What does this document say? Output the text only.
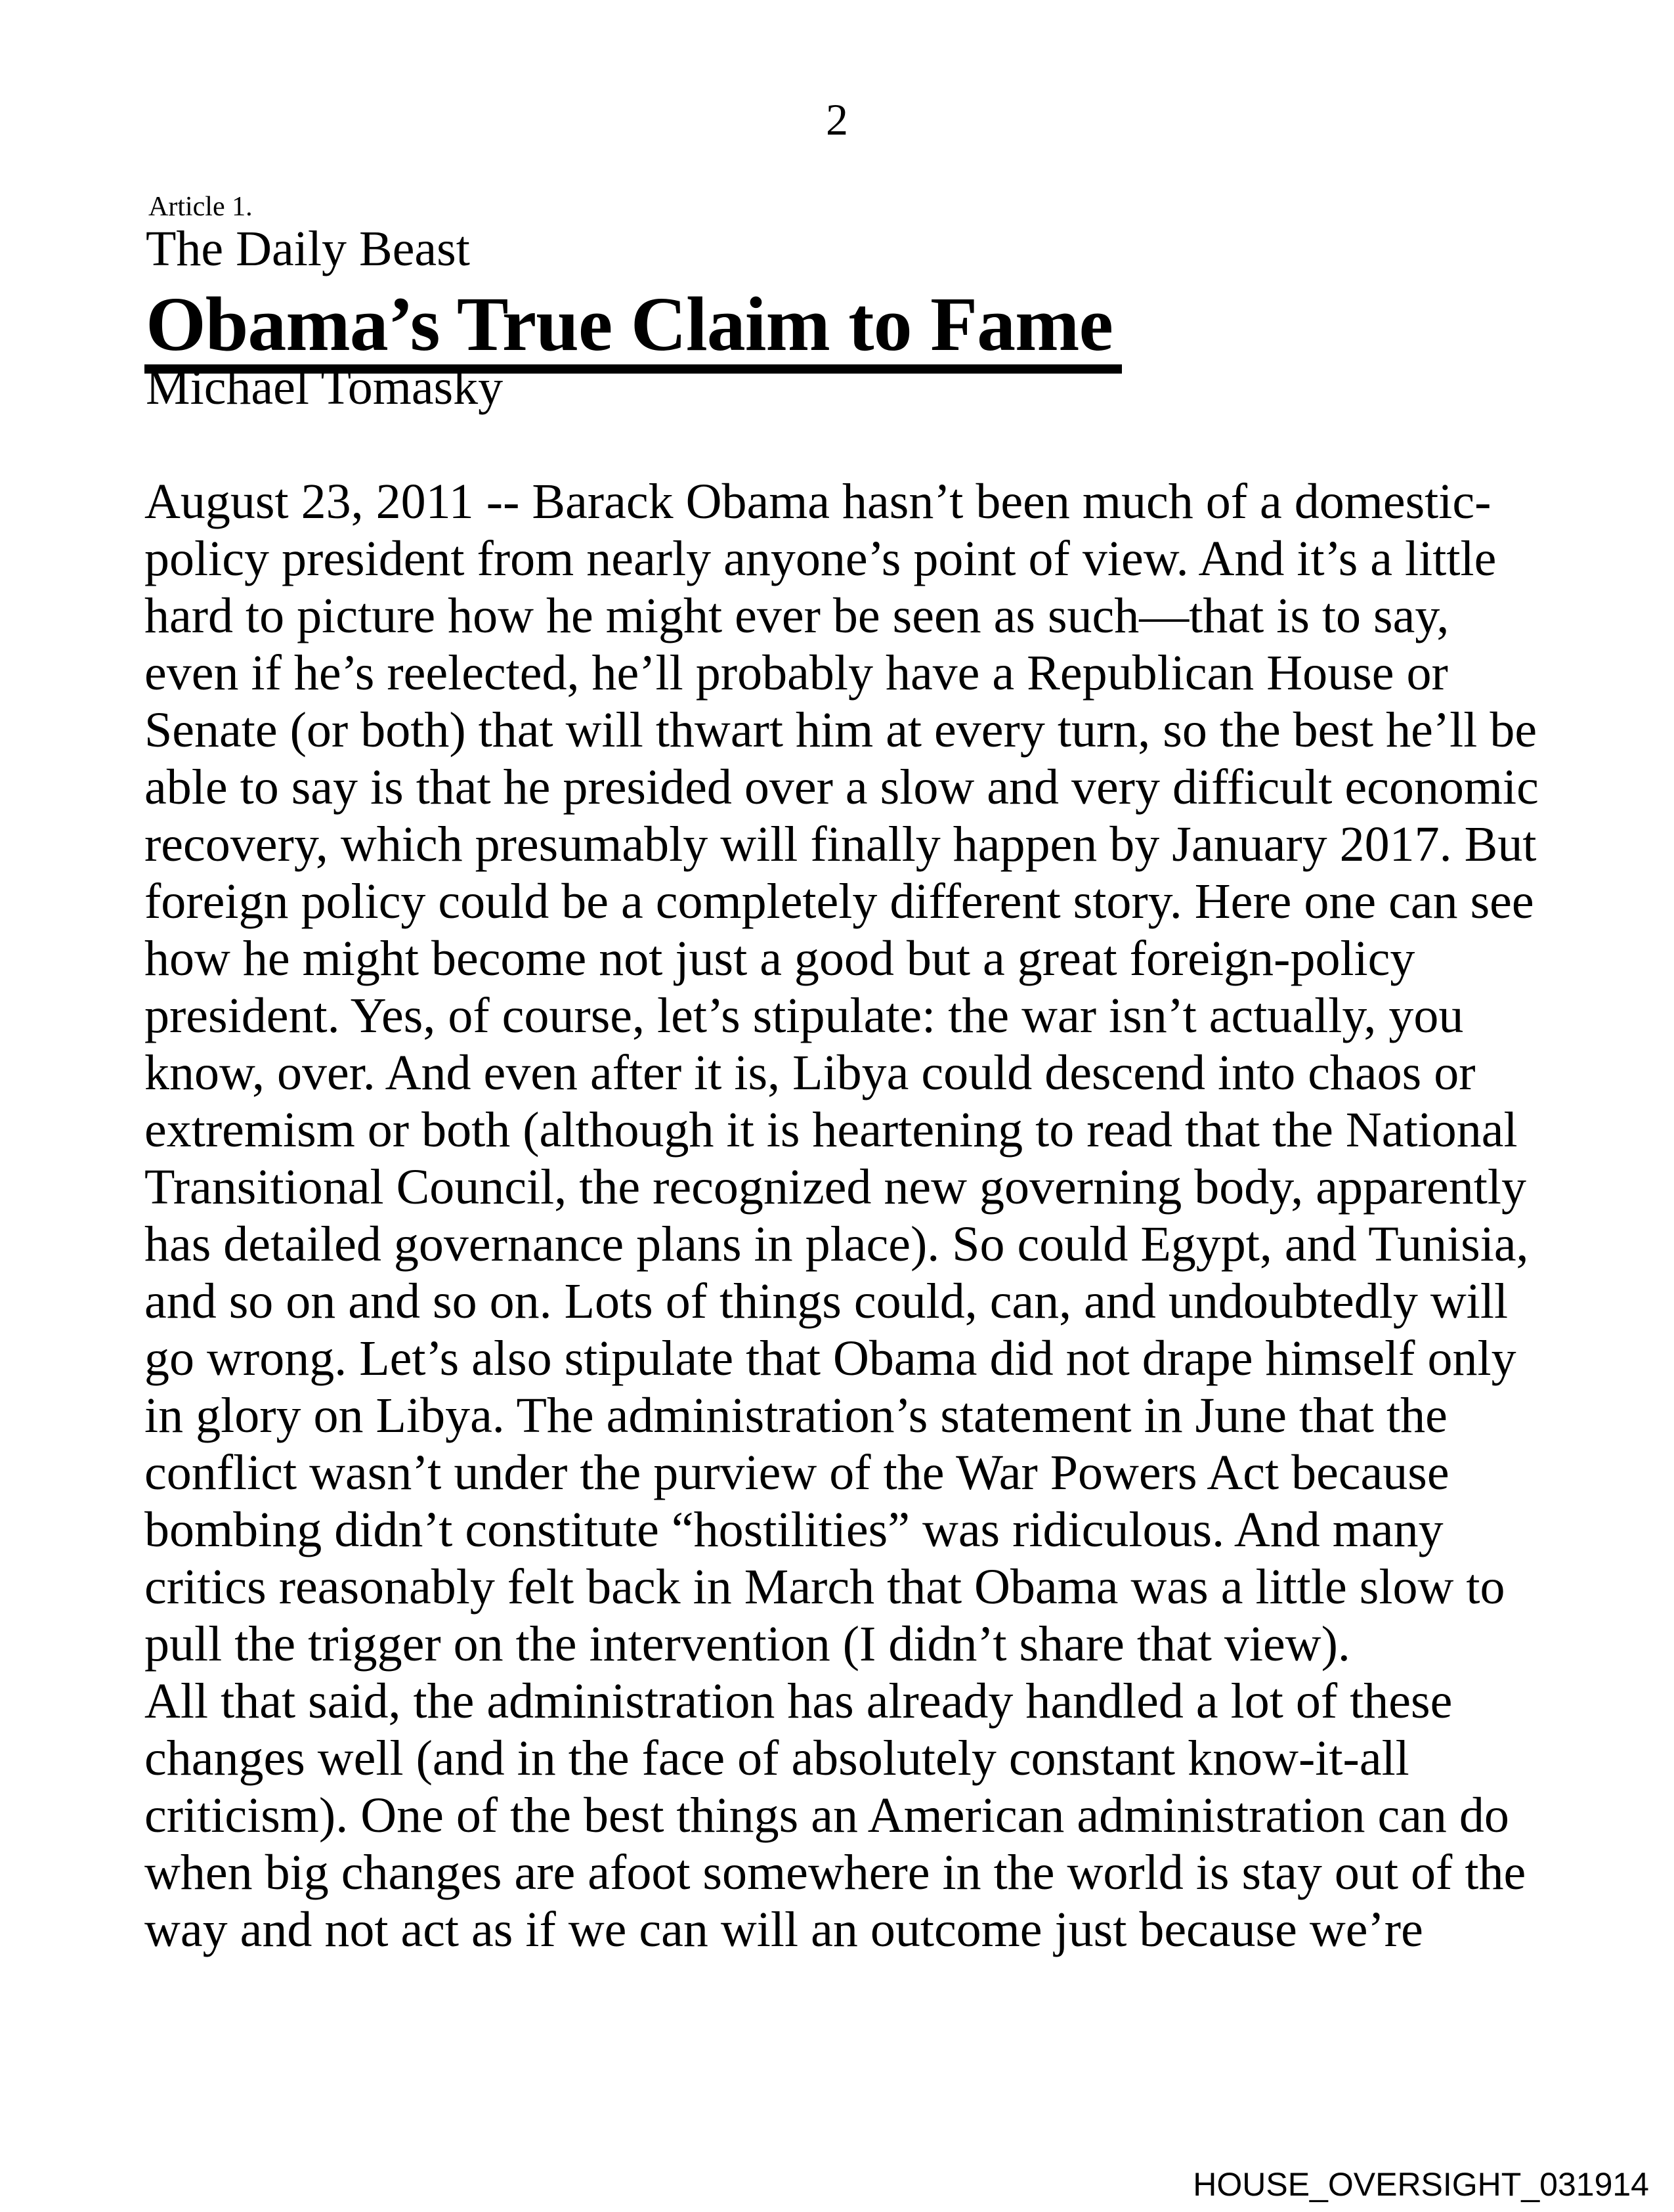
2
Article 1.
The Daily Beast
Obama’s True Claim to Fame
Michael Tomasky
August 23, 2011 -- Barack Obama hasn’t been much of a domestic-
policy president from nearly anyone’s point of view. And it’s a little
hard to picture how he might ever be seen as such—that is to say,
even if he’s reelected, he’ll probably have a Republican House or
Senate (or both) that will thwart him at every turn, so the best he’ll be
able to say is that he presided over a slow and very difficult economic
recovery, which presumably will finally happen by January 2017. But
foreign policy could be a completely different story. Here one can see
how he might become not just a good but a great foreign-policy
president. Yes, of course, let’s stipulate: the war isn’t actually, you
know, over. And even after it is, Libya could descend into chaos or
extremism or both (although it is heartening to read that the National
Transitional Council, the recognized new governing body, apparently
has detailed governance plans in place). So could Egypt, and Tunisia,
and so on and so on. Lots of things could, can, and undoubtedly will
go wrong. Let’s also stipulate that Obama did not drape himself only
in glory on Libya. The administration’s statement in June that the
conflict wasn’t under the purview of the War Powers Act because
bombing didn’t constitute “hostilities” was ridiculous. And many
critics reasonably felt back in March that Obama was a little slow to
pull the trigger on the intervention (I didn’t share that view).
All that said, the administration has already handled a lot of these
changes well (and in the face of absolutely constant know-it-all
criticism). One of the best things an American administration can do
when big changes are afoot somewhere in the world is stay out of the
way and not act as if we can will an outcome just because we’re
HOUSE_OVERSIGHT_031914
